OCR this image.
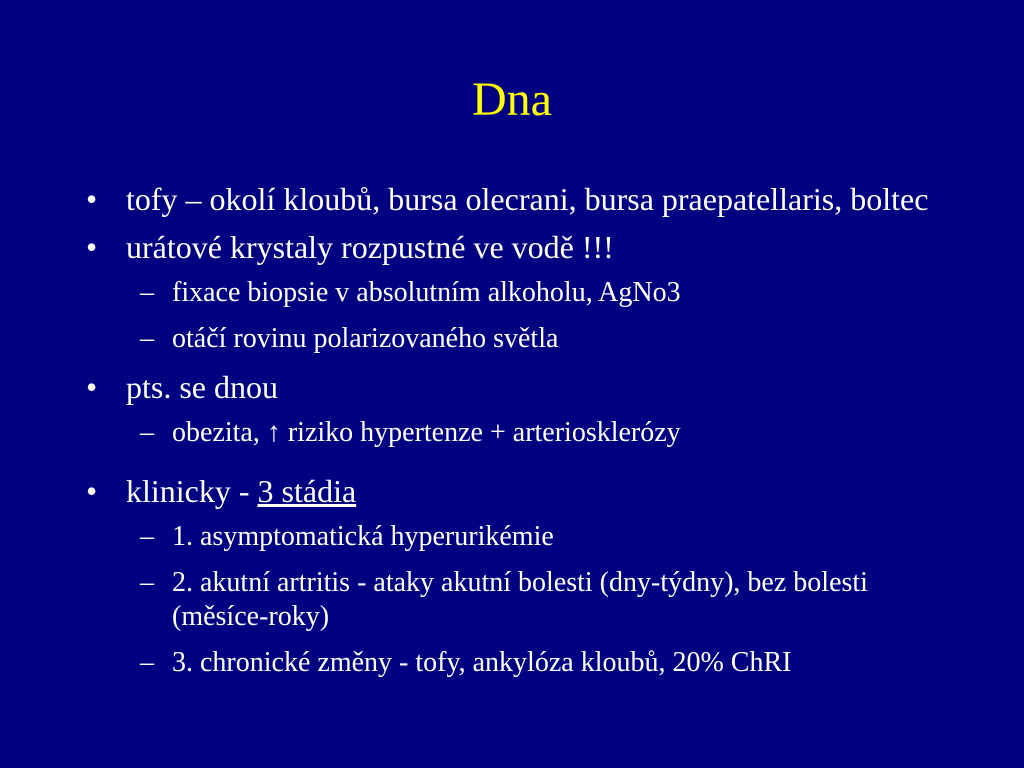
Dna
• tofy – okolí kloubů, bursa olecrani, bursa praepatellaris, boltec
• urátové krystaly rozpustné ve vodě !!!
– fixace biopsie v absolutním alkoholu, AgNo3
– otáčí rovinu polarizovaného světla
• pts. se dnou
– obezita, ↑ riziko hypertenze + arteriosklerózy
• klinicky - 3 stádia
– 1. asymptomatická hyperurikémie
– 2. akutní artritis - ataky akutní bolesti (dny-týdny), bez bolesti (měsíce-roky)
– 3. chronické změny - tofy, ankylóza kloubů, 20% ChRI
